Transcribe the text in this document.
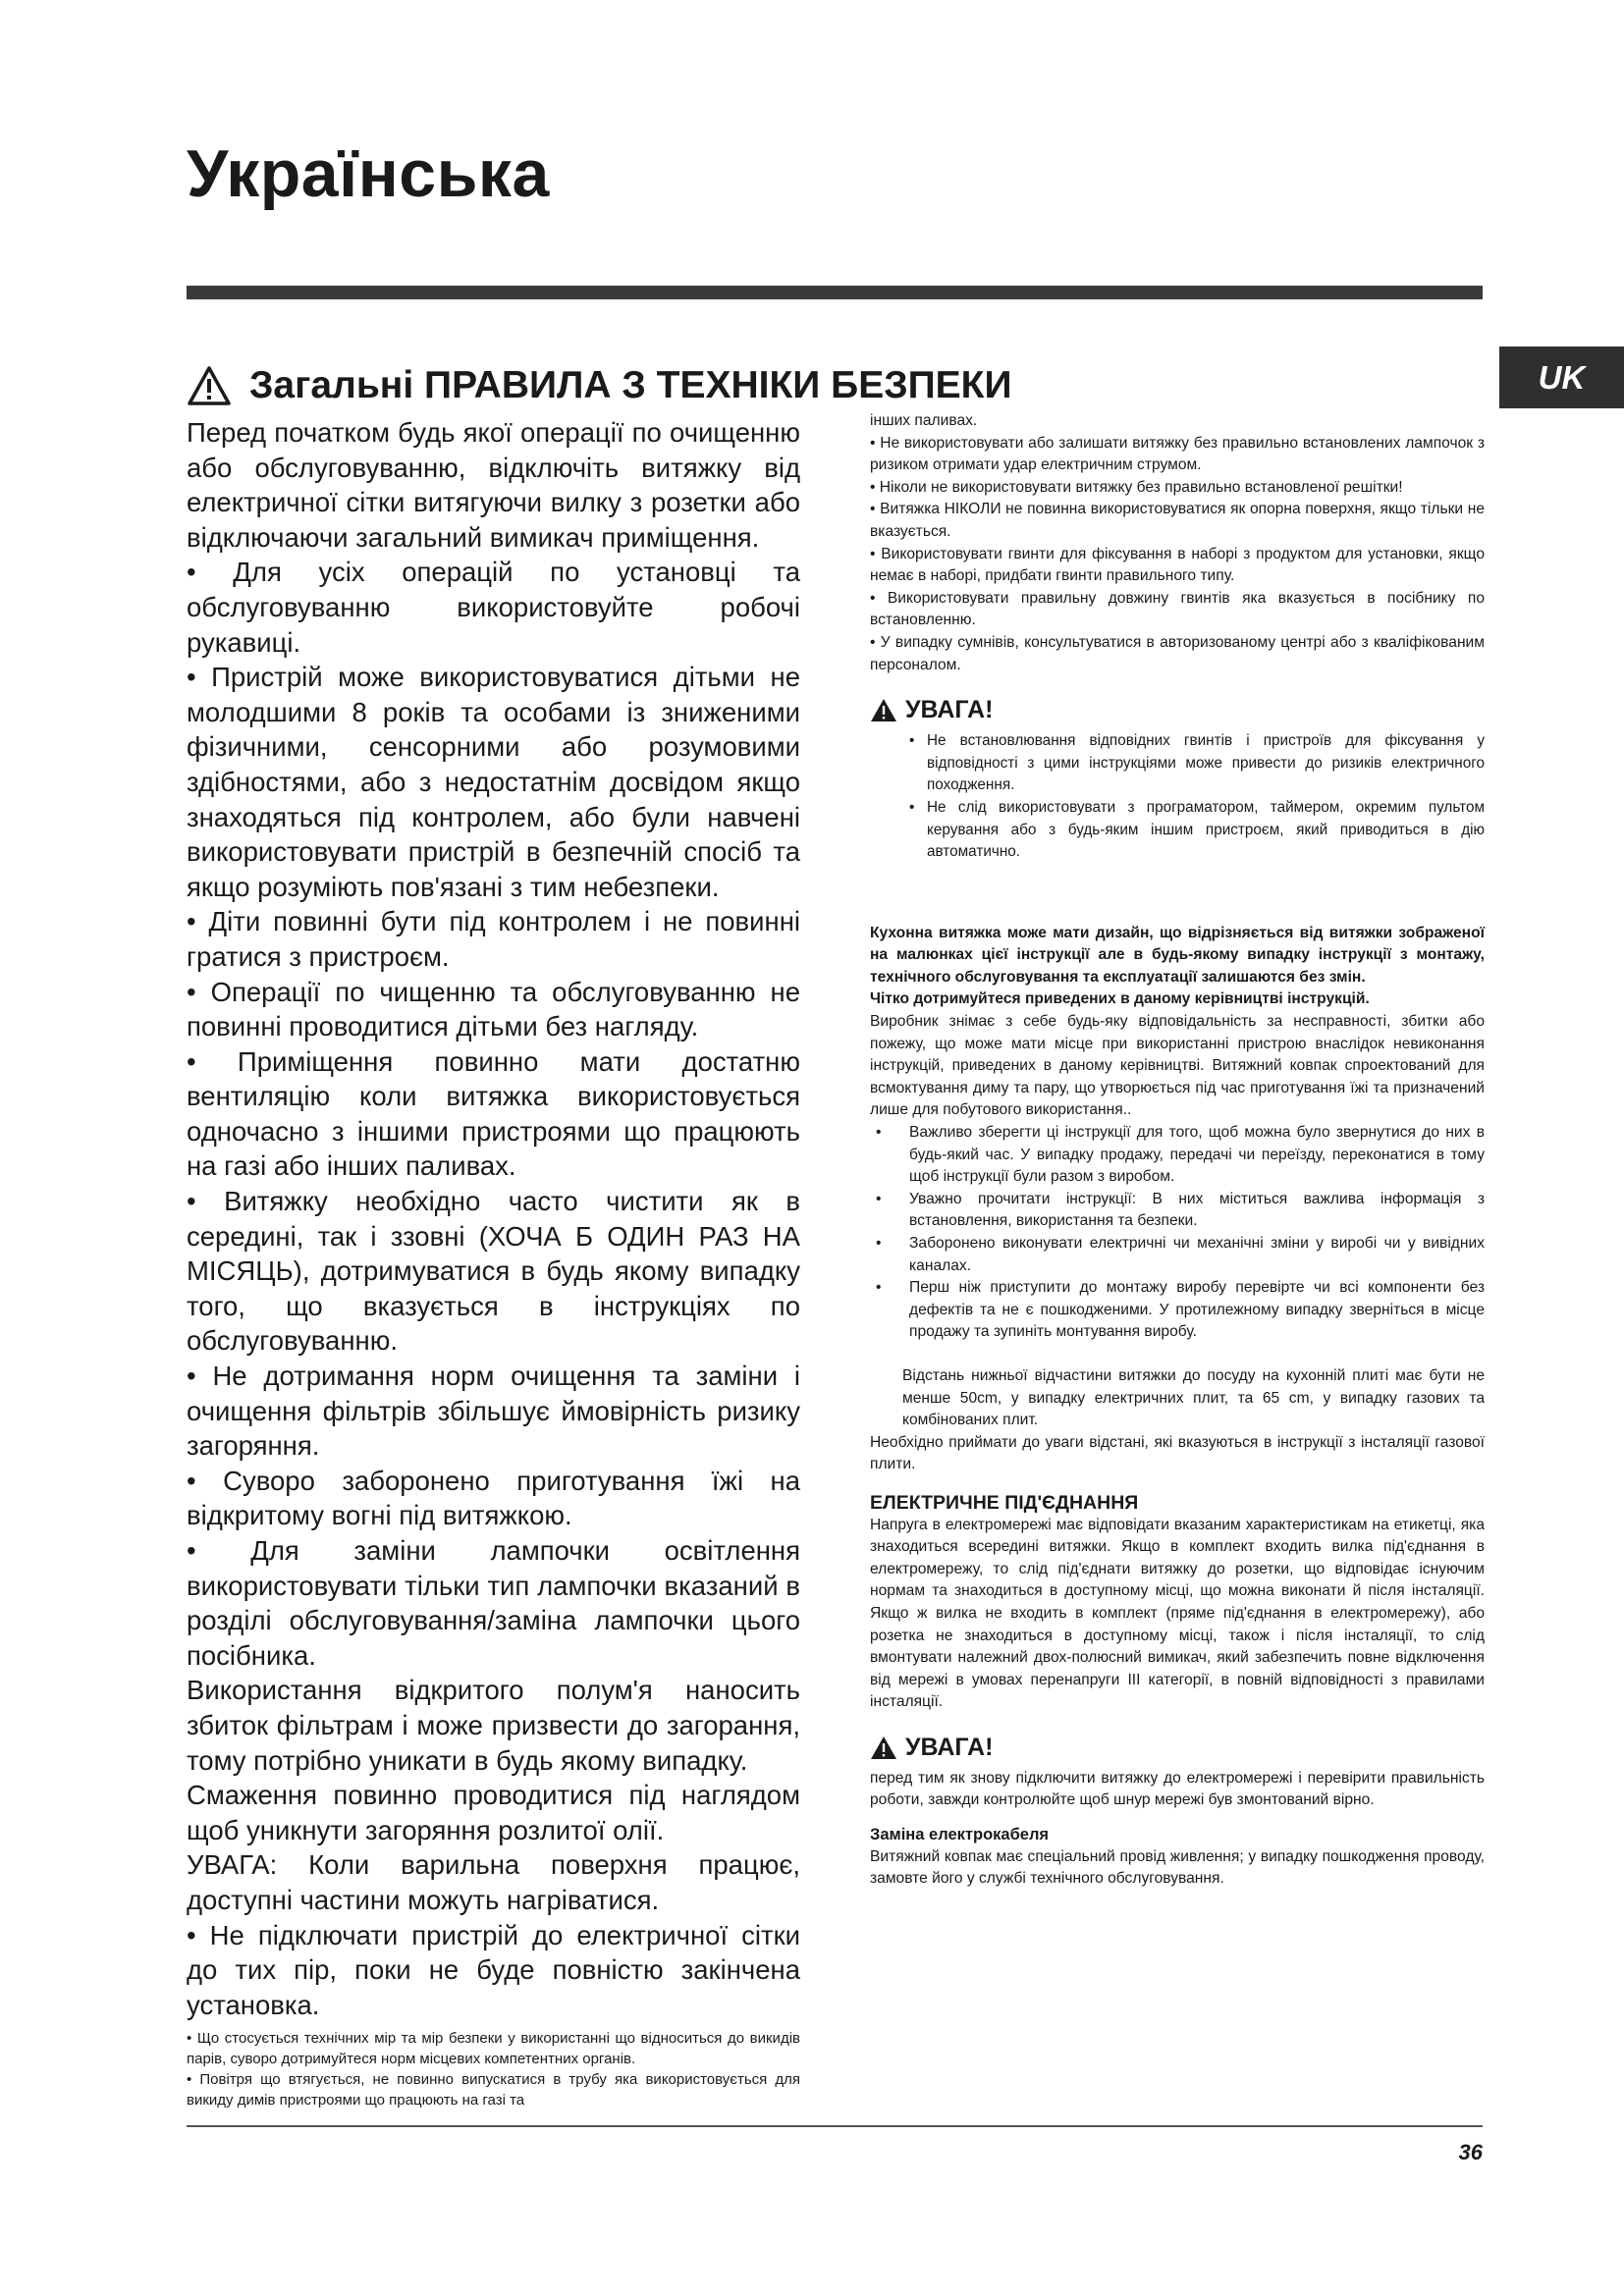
Українська
UK
Загальні ПРАВИЛА З ТЕХНІКИ БЕЗПЕКИ

Перед початком будь якої операції по очищенню або обслуговуванню, відключіть витяжку від електричної сітки витягуючи вилку з розетки або відключаючи загальний вимикач приміщення.

• Для усіх операцій по установці та обслуговуванню використовуйте робочі рукавиці.

• Пристрій може використовуватися дітьми не молодшими 8 років та особами із зниженими фізичними, сенсорними або розумовими здібностями, або з недостатнім досвідом якщо знаходяться під контролем, або були навчені використовувати пристрій в безпечній спосіб та якщо розуміють пов'язані з тим небезпеки.

• Діти повинні бути під контролем і не повинні гратися з пристроєм.

• Операції по чищенню та обслуговуванню не повинні проводитися дітьми без нагляду.

• Приміщення повинно мати достатню вентиляцію коли витяжка використовується одночасно з іншими пристроями що працюють на газі або інших паливах.

• Витяжку необхідно часто чистити як в середині, так і ззовні (ХОЧА Б ОДИН РАЗ НА МІСЯЦЬ), дотримуватися в будь якому випадку того, що вказується в інструкціях по обслуговуванню.

• Не дотримання норм очищення та заміни і очищення фільтрів збільшує ймовірність ризику загоряння.

• Суворо заборонено приготування їжі на відкритому вогні під витяжкою.

• Для заміни лампочки освітлення використовувати тільки тип лампочки вказаний в розділі обслуговування/заміна лампочки цього посібника.

Використання відкритого полум'я наносить збиток фільтрам і може призвести до загорання, тому потрібно уникати в будь якому випадку.

Смаження повинно проводитися під наглядом щоб уникнути загоряння розлитої олії.

УВАГА: Коли варильна поверхня працює, доступні частини можуть нагріватися.

• Не підключати пристрій до електричної сітки до тих пір, поки не буде повністю закінчена установка.

• Що стосується технічних мір та мір безпеки у використанні що відноситься до викидів парів, суворо дотримуйтеся норм місцевих компетентних органів.

• Повітря що втягується, не повинно випускатися в трубу яка використовується для викиду димів пристроями що працюють на газі та

інших паливах.

• Не використовувати або залишати витяжку без правильно встановлених лампочок з ризиком отримати удар електричним струмом.

• Ніколи не використовувати витяжку без правильно встановленої решітки!

• Витяжка НІКОЛИ не повинна використовуватися як опорна поверхня, якщо тільки не вказується.

• Використовувати гвинти для фіксування в наборі з продуктом для установки, якщо немає в наборі, придбати гвинти правильного типу.

• Використовувати правильну довжину гвинтів яка вказується в посібнику по встановленню.

• У випадку сумнівів, консультуватися в авторизованому центрі або з кваліфікованим персоналом.

УВАГА!
• Не встановлювання відповідних гвинтів і пристроїв для фіксування у відповідності з цими інструкціями може привести до ризиків електричного походження.
• Не слід використовувати з програматором, таймером, окремим пультом керування або з будь-яким іншим пристроєм, який приводиться в дію автоматично.

Кухонна витяжка може мати дизайн, що відрізняється від витяжки зображеної на малюнках цієї інструкції але в будь-якому випадку інструкції з монтажу, технічного обслуговування та експлуатації залишаются без змін.

Чітко дотримуйтеся приведених в даному керівництві інструкцій.

Виробник знімає з себе будь-яку відповідальність за несправності, збитки або пожежу, що може мати місце при використанні пристрою внаслідок невиконання інструкцій, приведених в даному керівництві. Витяжний ковпак спроектований для всмоктування диму та пару, що утворюється під час приготування їжі та призначений лише для побутового використання..

• Важливо зберегти ці інструкції для того, щоб можна було звернутися до них в будь-який час. У випадку продажу, передачі чи переїзду, переконатися в тому щоб інструкції були разом з виробом.
• Уважно прочитати інструкції: В них міститься важлива інформація з встановлення, використання та безпеки.
• Заборонено виконувати електричні чи механічні зміни у виробі чи у вивідних каналах.
• Перш ніж приступити до монтажу виробу перевірте чи всі компоненти без дефектів та не є пошкодженими. У протилежному випадку зверніться в місце продажу та зупиніть монтування виробу.

Відстань нижньої відчастини витяжки до посуду на кухонній плиті має бути не менше 50cm, у випадку електричних плит, та 65 cm, у випадку газових та комбінованих плит.

Необхідно приймати до уваги відстані, які вказуються в інструкції з інсталяції газової плити.

ЕЛЕКТРИЧНЕ ПІД'ЄДНАННЯ

Напруга в електромережі має відповідати вказаним характеристикам на етикетці, яка знаходиться всередині витяжки. Якщо в комплект входить вилка під'єднання в електромережу, то слід під'єднати витяжку до розетки, що відповідає існуючим нормам та знаходиться в доступному місці, що можна виконати й після інсталяції. Якщо ж вилка не входить в комплект (пряме під'єднання в електромережу), або розетка не знаходиться в доступному місці, також і після інсталяції, то слід вмонтувати належний двох-полюсний вимикач, який забезпечить повне відключення від мережі в умовах перенапруги III категорії, в повній відповідності з правилами інсталяції.

УВАГА!

перед тим як знову підключити витяжку до електромережі і перевірити правильність роботи, завжди контролюйте щоб шнур мережі був змонтований вірно.

Заміна електрокабеля

Витяжний ковпак має спеціальний провід живлення; у випадку пошкодження проводу, замовте його у службі технічного обслуговування.

36
